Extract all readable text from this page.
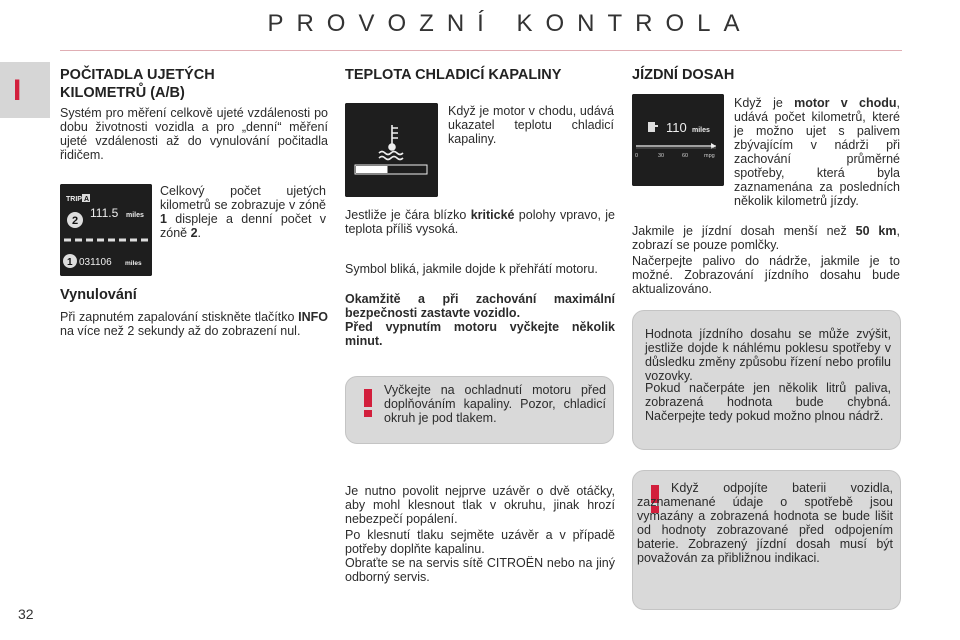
PROVOZNÍ KONTROLA
I	POČITADLA UJETÝCH KILOMETRŮ (A/B)
Systém pro měření celkově ujeté vzdálenosti po dobu životnosti vozidla a pro „denní“ měření ujeté vzdálenosti až do vynulování počitadla řidičem.
TRIP A
2
111.5 miles
1 031106 miles
Celkový počet ujetých kilometrů se zobrazuje v zóně 1 displeje a denní počet v zóně 2.
Vynulování
Při zapnutém zapalování stiskněte tlačítko INFO na více než 2 sekundy až do zobrazení nul.
TEPLOTA CHLADICÍ KAPALINY
Když je motor v chodu, udává ukazatel teplotu chladicí kapaliny.
Jestliže je čára blízko kritické polohy vpravo, je teplota příliš vysoká.
Symbol bliká, jakmile dojde k přehřátí motoru.
Okamžitě a při zachování maximální bezpečnosti zastavte vozidlo.
Před vypnutím motoru vyčkejte několik minut.
Vyčkejte na ochladnutí motoru před doplňováním kapaliny. Pozor, chladicí okruh je pod tlakem.
Je nutno povolit nejprve uzávěr o dvě otáčky, aby mohl klesnout tlak v okruhu, jinak hrozí nebezpečí popálení.
Po klesnutí tlaku sejměte uzávěr a v případě potřeby doplňte kapalinu.
Obraťte se na servis sítě CITROËN nebo na jiný odborný servis.
JÍZDNÍ DOSAH
110 miles
0	30	60	mpg
Když je motor v chodu, udává počet kilometrů, které je možno ujet s palivem zbývajícím v nádrži při zachování průměrné spotřeby, která byla zaznamenána za posledních několik kilometrů jízdy.
Jakmile je jízdní dosah menší než 50 km, zobrazí se pouze pomlčky.
Načerpejte palivo do nádrže, jakmile je to možné. Zobrazování jízdního dosahu bude aktualizováno.
Hodnota jízdního dosahu se může zvýšit, jestliže dojde k náhlému poklesu spotřeby v důsledku změny způsobu řízení nebo profilu vozovky.
Pokud načerpáte jen několik litrů paliva, zobrazená hodnota bude chybná. Načerpejte tedy pokud možno plnou nádrž.
Když odpojíte baterii vozidla, zaznamenané údaje o spotřebě jsou vymazány a zobrazená hodnota se bude lišit od hodnoty zobrazované před odpojením baterie. Zobrazený jízdní dosah musí být považován za přibližnou indikaci.
32
